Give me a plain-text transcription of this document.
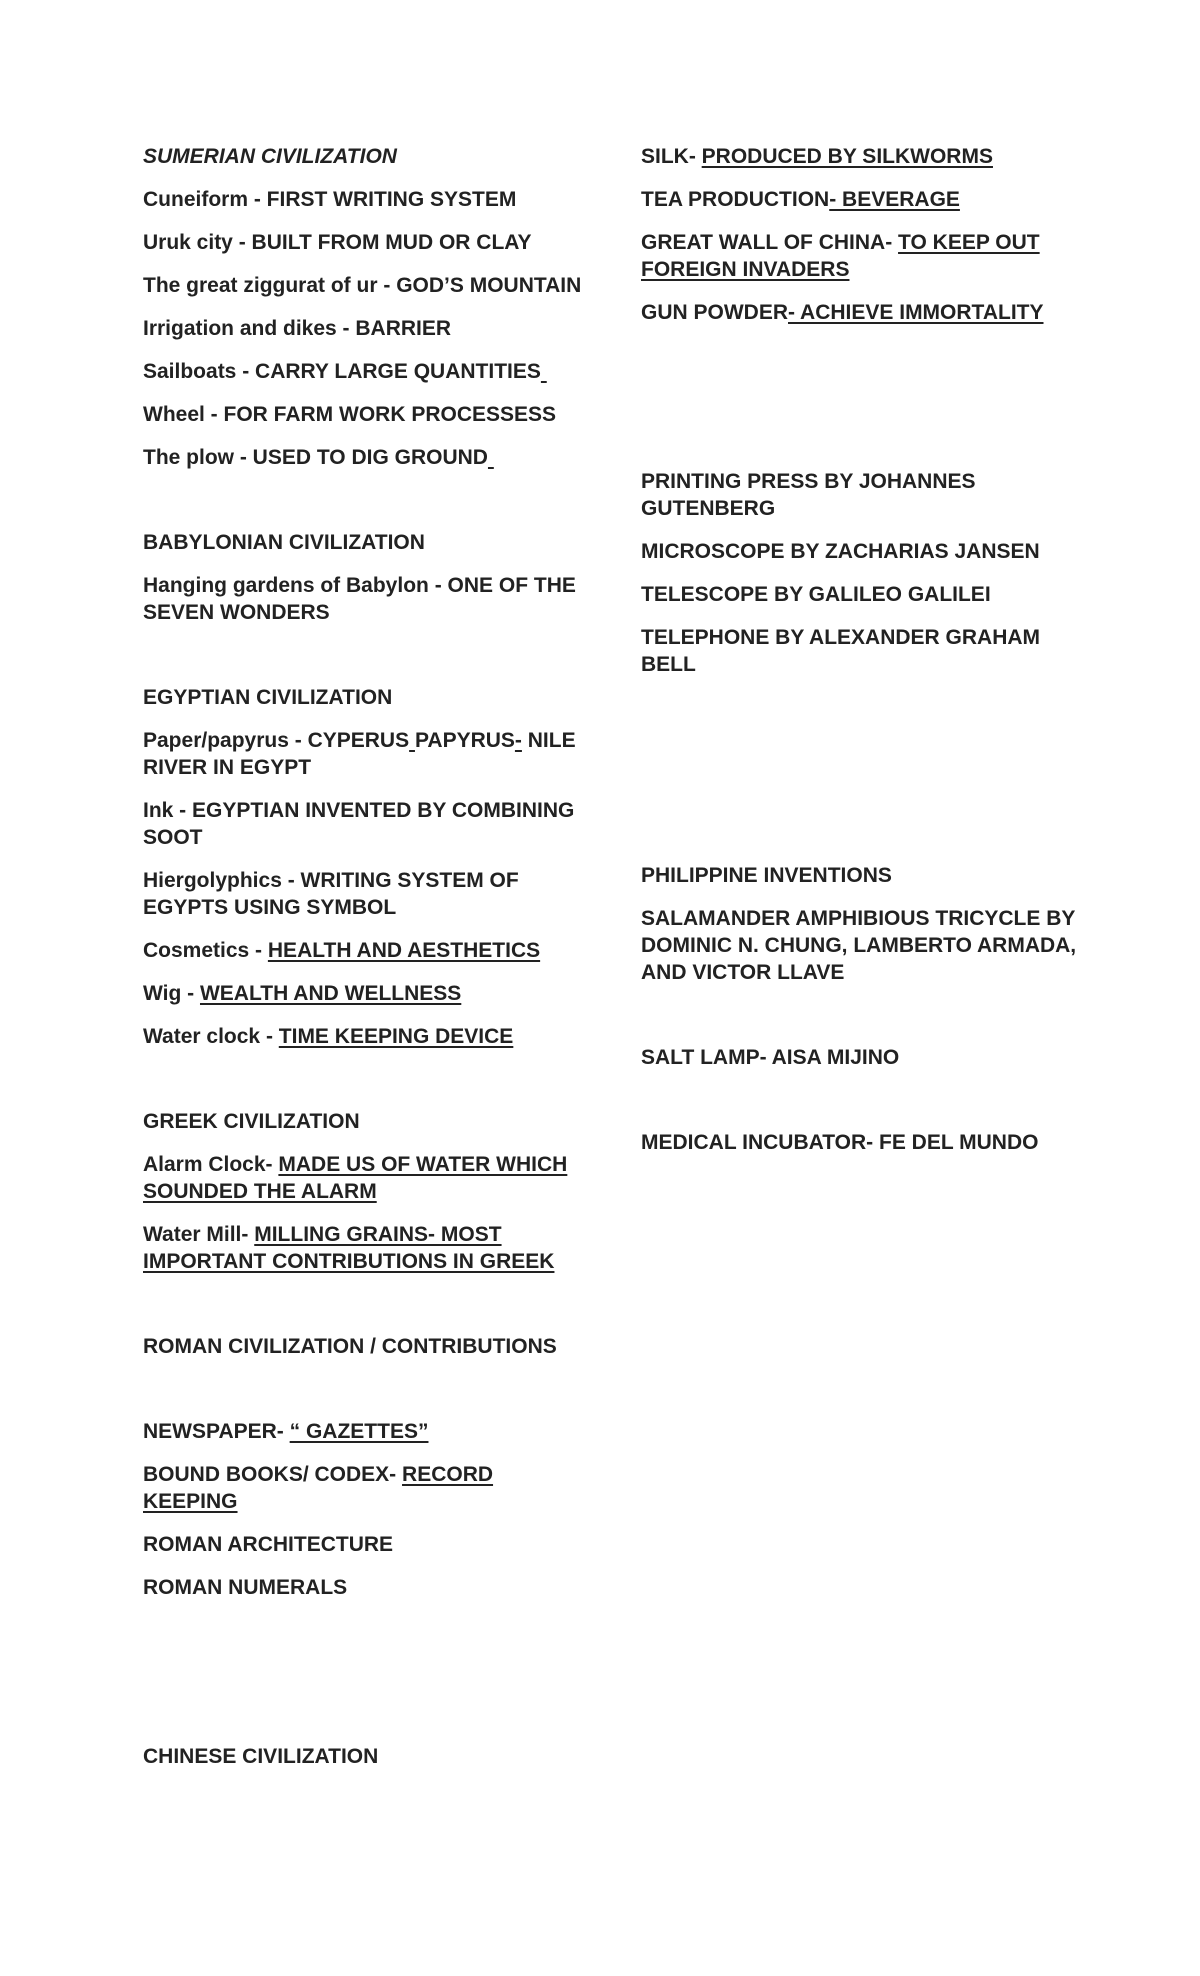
SUMERIAN CIVILIZATION

Cuneiform - FIRST WRITING SYSTEM

Uruk city - BUILT FROM MUD OR CLAY

The great ziggurat of ur - GOD’S MOUNTAIN

Irrigation and dikes - BARRIER

Sailboats - CARRY LARGE QUANTITIES

Wheel - FOR FARM WORK PROCESSESS

The plow - USED TO DIG GROUND

BABYLONIAN CIVILIZATION

Hanging gardens of Babylon - ONE OF THE SEVEN WONDERS

EGYPTIAN CIVILIZATION

Paper/papyrus - CYPERUS PAPYRUS- NILE RIVER IN EGYPT

Ink - EGYPTIAN INVENTED BY COMBINING SOOT

Hiergolyphics - WRITING SYSTEM OF EGYPTS USING SYMBOL

Cosmetics - HEALTH AND AESTHETICS

Wig - WEALTH AND WELLNESS

Water clock - TIME KEEPING DEVICE

GREEK CIVILIZATION

Alarm Clock- MADE US OF WATER WHICH SOUNDED THE ALARM

Water Mill- MILLING GRAINS- MOST IMPORTANT CONTRIBUTIONS IN GREEK

ROMAN CIVILIZATION / CONTRIBUTIONS

NEWSPAPER- “ GAZETTES”

BOUND BOOKS/ CODEX- RECORD KEEPING

ROMAN ARCHITECTURE

ROMAN NUMERALS

CHINESE CIVILIZATION

SILK- PRODUCED BY SILKWORMS

TEA PRODUCTION- BEVERAGE

GREAT WALL OF CHINA- TO KEEP OUT FOREIGN INVADERS

GUN POWDER- ACHIEVE IMMORTALITY

PRINTING PRESS BY JOHANNES GUTENBERG

MICROSCOPE BY ZACHARIAS JANSEN

TELESCOPE BY GALILEO GALILEI

TELEPHONE BY ALEXANDER GRAHAM BELL

PHILIPPINE INVENTIONS

SALAMANDER AMPHIBIOUS TRICYCLE BY DOMINIC N. CHUNG, LAMBERTO ARMADA, AND VICTOR LLAVE

SALT LAMP- AISA MIJINO

MEDICAL INCUBATOR- FE DEL MUNDO
